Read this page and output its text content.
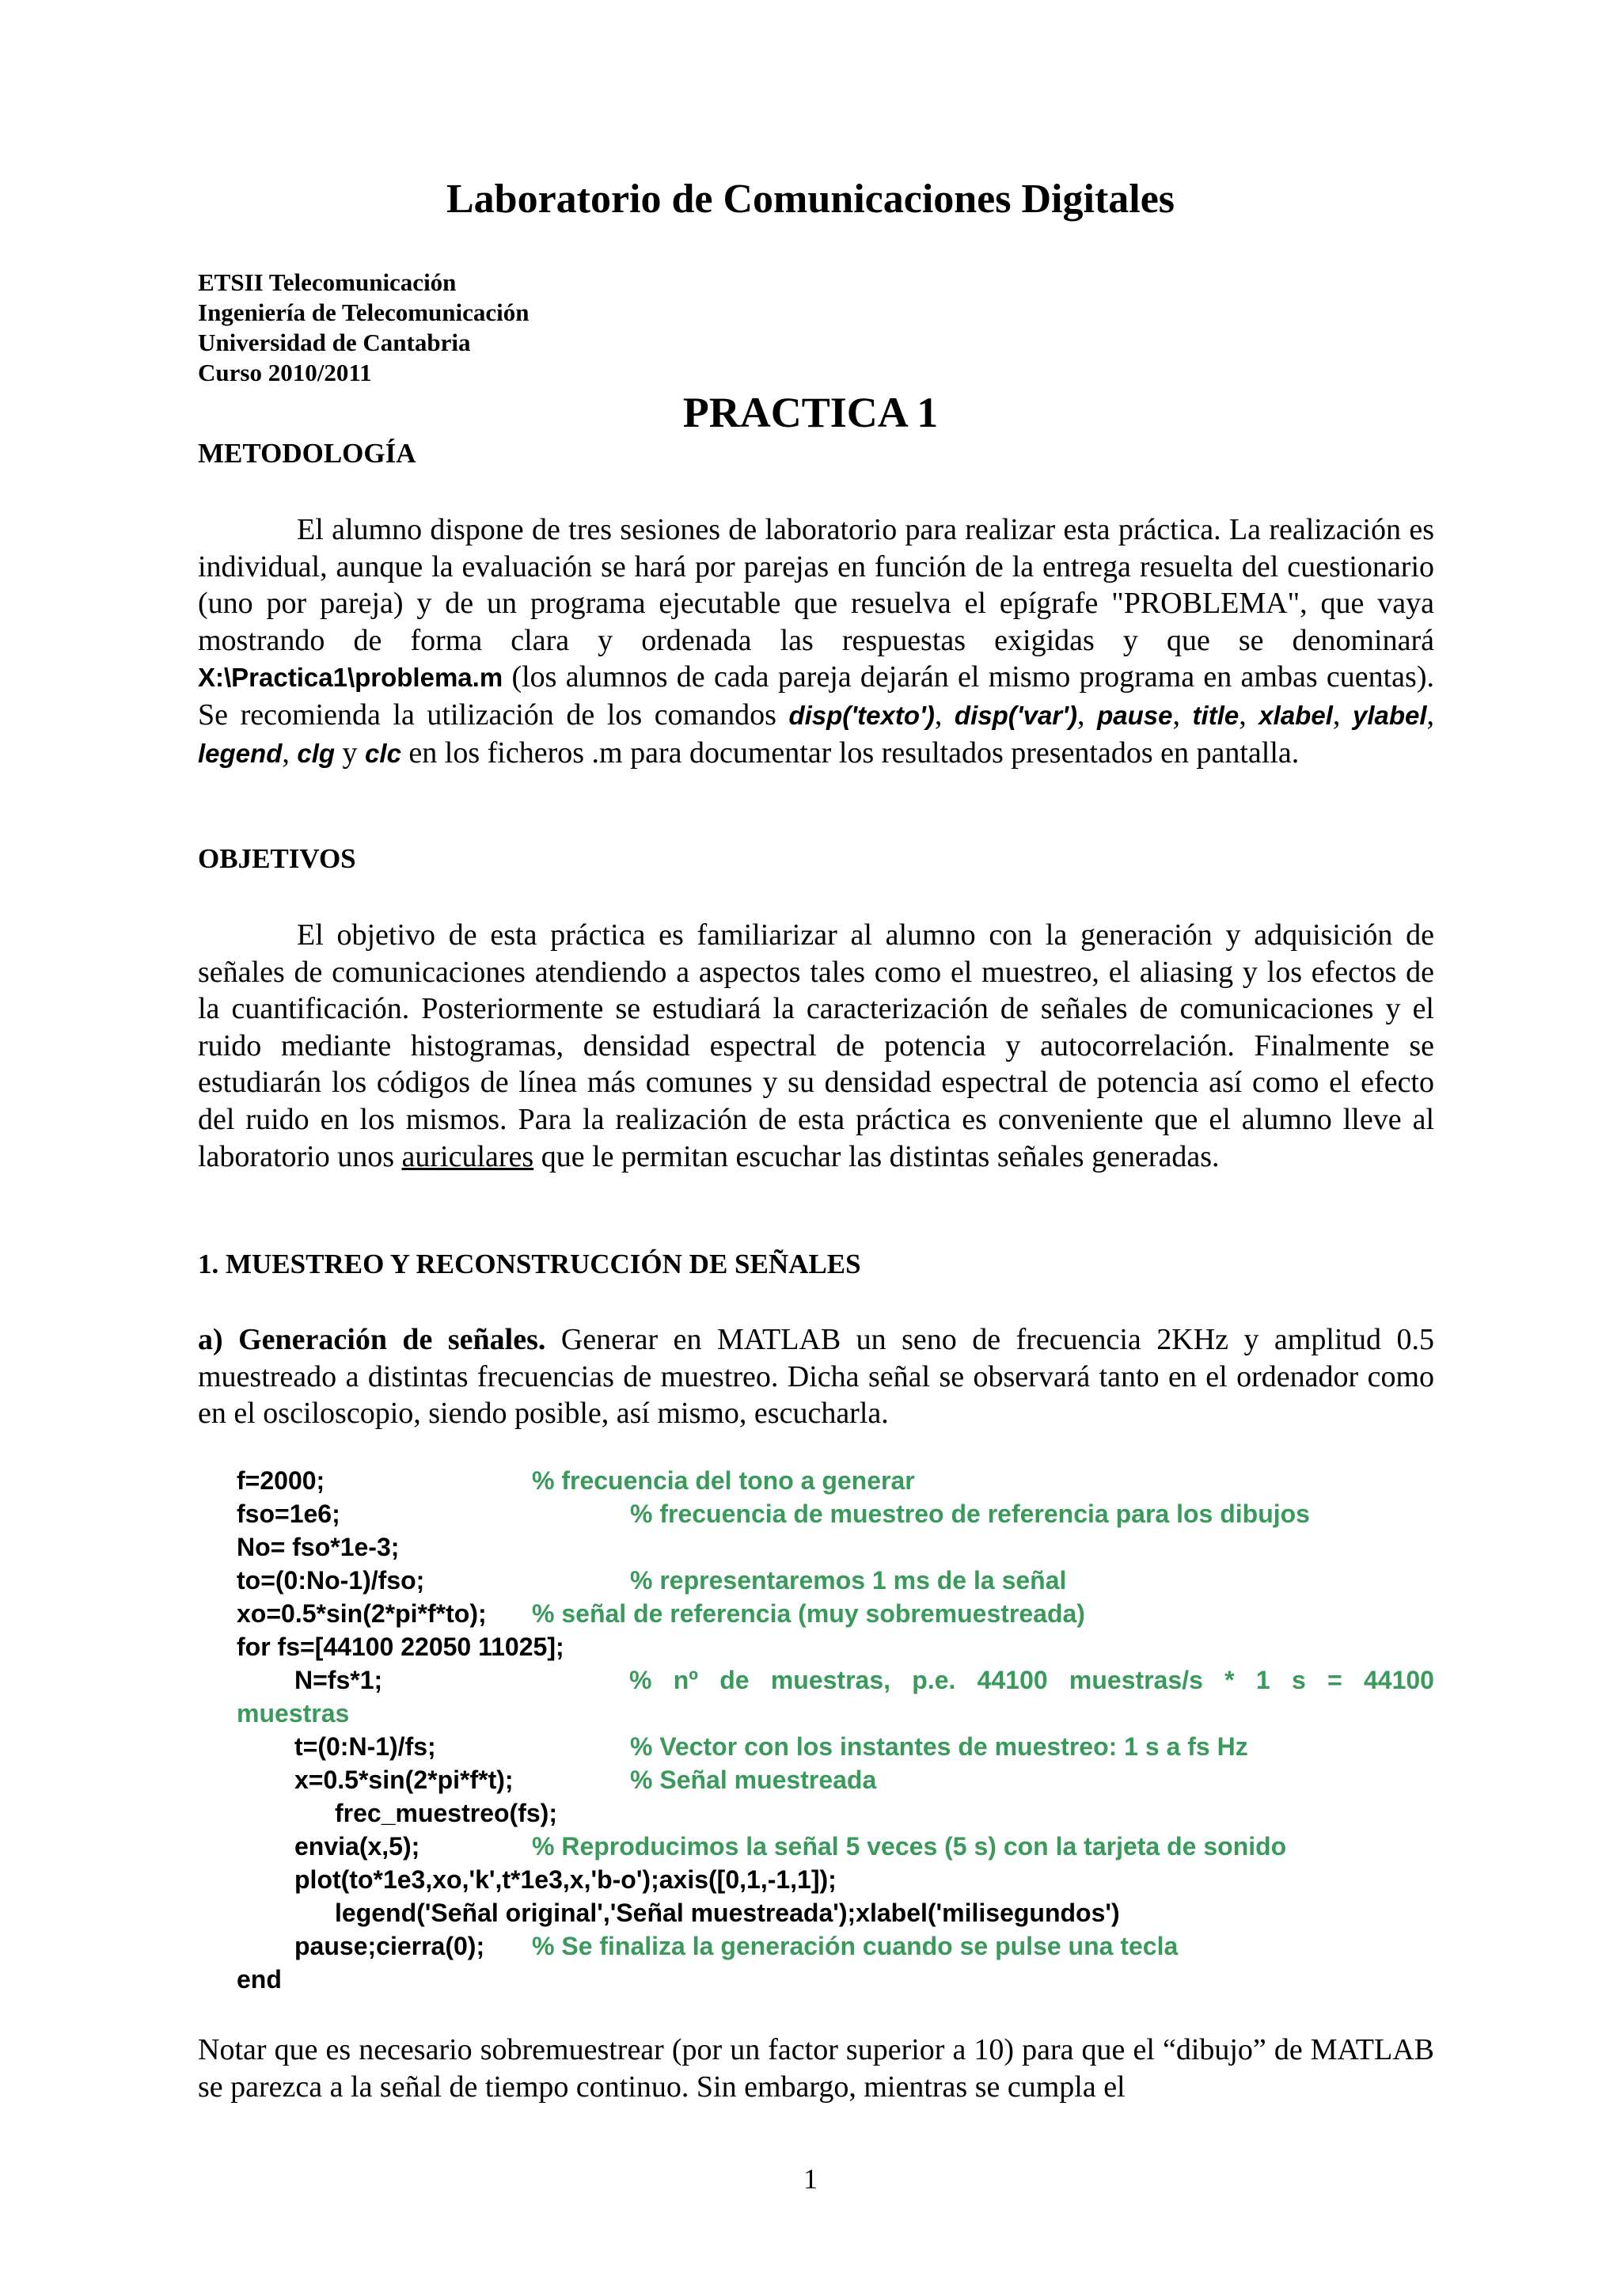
Laboratorio de Comunicaciones Digitales
ETSII Telecomunicación
Ingeniería de Telecomunicación
Universidad de Cantabria
Curso 2010/2011
PRACTICA 1
METODOLOGÍA
El alumno dispone de tres sesiones de laboratorio para realizar esta práctica. La realización es individual, aunque la evaluación se hará por parejas en función de la entrega resuelta del cuestionario (uno por pareja) y de un programa ejecutable que resuelva el epígrafe "PROBLEMA", que vaya mostrando de forma clara y ordenada las respuestas exigidas y que se denominará X:\Practica1\problema.m (los alumnos de cada pareja dejarán el mismo programa en ambas cuentas). Se recomienda la utilización de los comandos disp('texto'), disp('var'), pause, title, xlabel, ylabel, legend, clg y clc en los ficheros .m para documentar los resultados presentados en pantalla.
OBJETIVOS
El objetivo de esta práctica es familiarizar al alumno con la generación y adquisición de señales de comunicaciones atendiendo a aspectos tales como el muestreo, el aliasing y los efectos de la cuantificación. Posteriormente se estudiará la caracterización de señales de comunicaciones y el ruido mediante histogramas, densidad espectral de potencia y autocorrelación. Finalmente se estudiarán los códigos de línea más comunes y su densidad espectral de potencia así como el efecto del ruido en los mismos. Para la realización de esta práctica es conveniente que el alumno lleve al laboratorio unos auriculares que le permitan escuchar las distintas señales generadas.
1. MUESTREO Y RECONSTRUCCIÓN DE SEÑALES
a) Generación de señales. Generar en MATLAB un seno de frecuencia 2KHz y amplitud 0.5 muestreado a distintas frecuencias de muestreo. Dicha señal se observará tanto en el ordenador como en el osciloscopio, siendo posible, así mismo, escucharla.
f=2000;	% frecuencia del tono a generar
fso=1e6;	% frecuencia de muestreo de referencia para los dibujos
No= fso*1e-3;
to=(0:No-1)/fso;	% representaremos 1 ms de la señal
xo=0.5*sin(2*pi*f*to); % señal de referencia (muy sobremuestreada)
for fs=[44100 22050 11025];
N=fs*1;	% nº de muestras, p.e. 44100 muestras/s * 1 s = 44100
muestras
t=(0:N-1)/fs;	% Vector con los instantes de muestreo: 1 s a fs Hz
x=0.5*sin(2*pi*f*t);	% Señal muestreada
frec_muestreo(fs);
envia(x,5);	% Reproducimos la señal 5 veces (5 s) con la tarjeta de sonido
plot(to*1e3,xo,'k',t*1e3,x,'b-o');axis([0,1,-1,1]);
legend('Señal original','Señal muestreada');xlabel('milisegundos')
pause;cierra(0); % Se finaliza la generación cuando se pulse una tecla
end
Notar que es necesario sobremuestrear (por un factor superior a 10) para que el “dibujo” de MATLAB se parezca a la señal de tiempo continuo. Sin embargo, mientras se cumpla el
1
